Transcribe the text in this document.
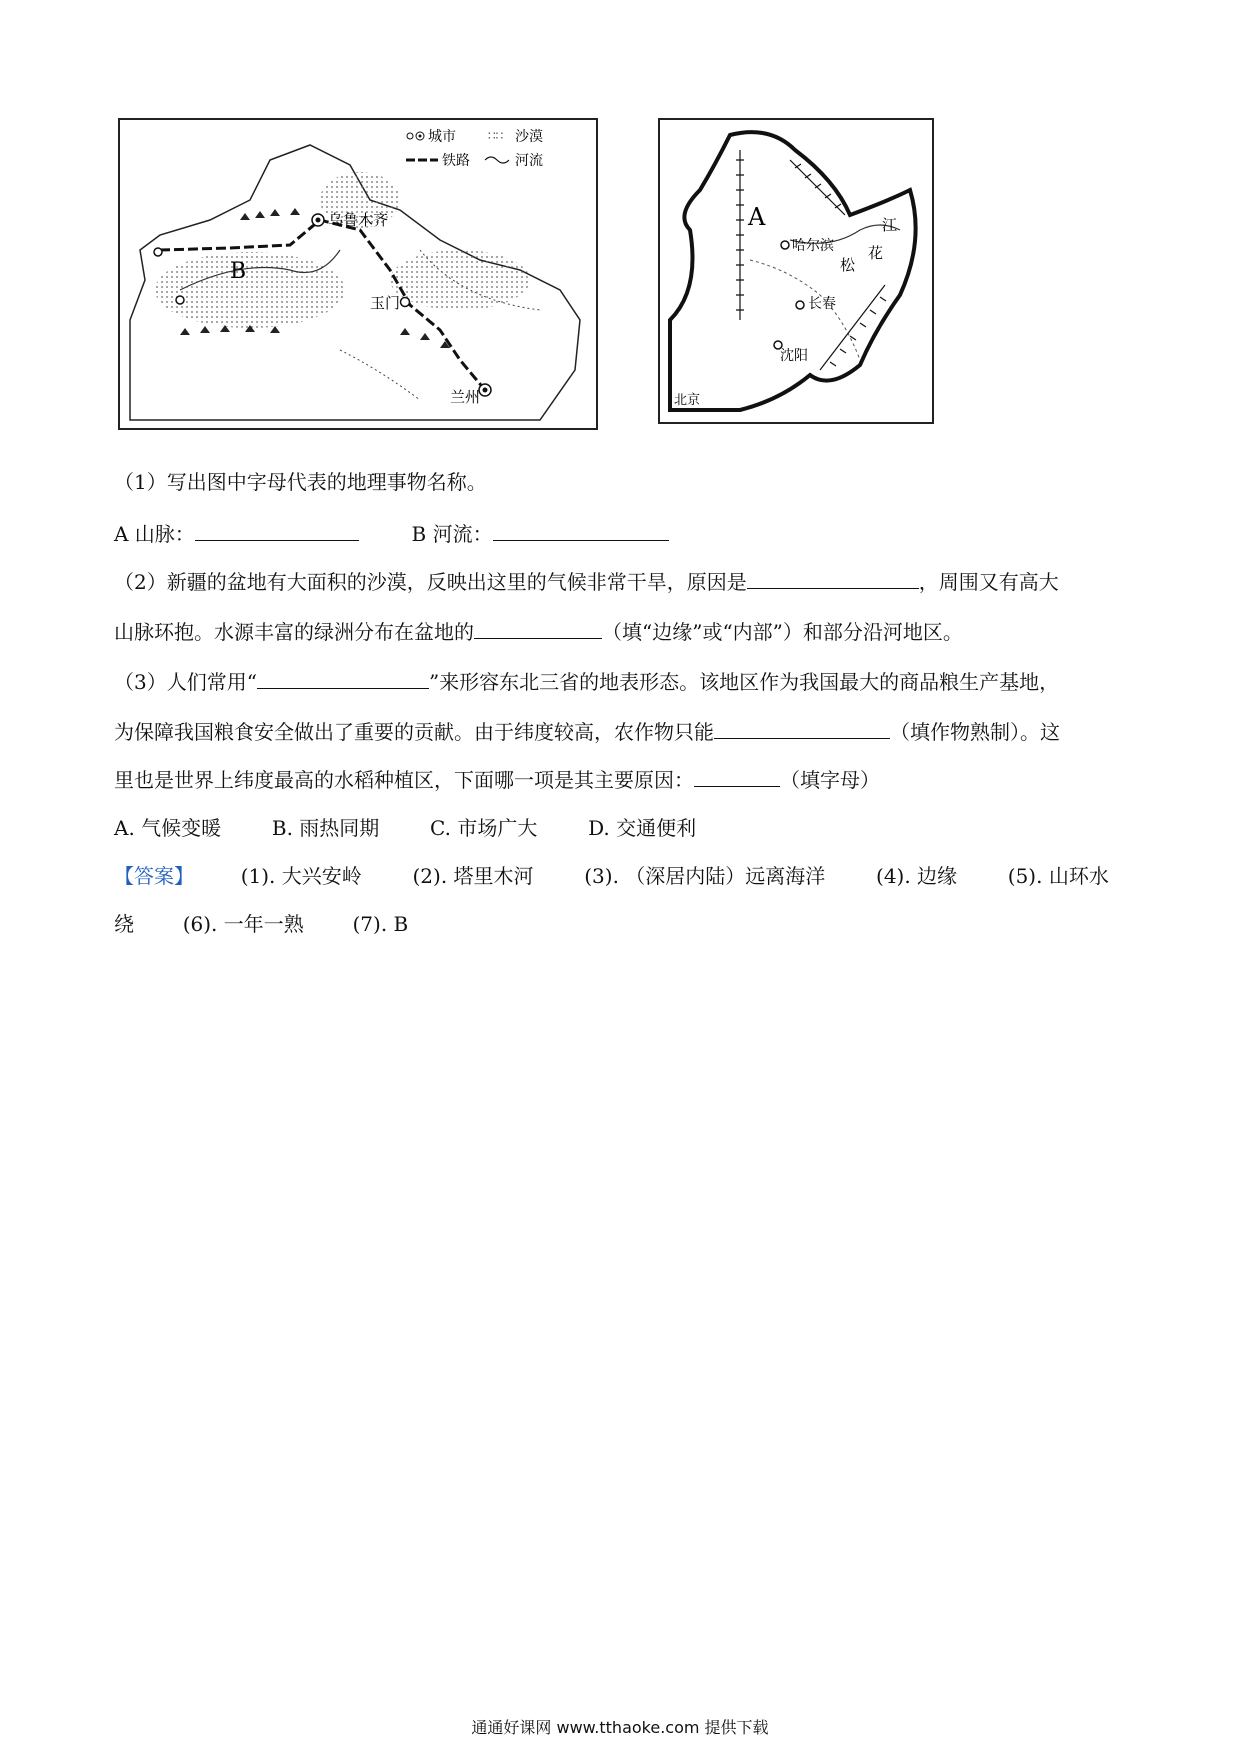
城市	∷∷ 沙漠
铁路	河流
乌鲁木齐
玉门
兰州
B
A
哈尔滨
长春
沈阳
北京
松
花
江
（1）写出图中字母代表的地理事物名称。
A 山脉：	B 河流：
（2）新疆的盆地有大面积的沙漠，反映出这里的气候非常干旱，原因是	，周围又有高大
山脉环抱。水源丰富的绿洲分布在盆地的	（填“边缘”或“内部”）和部分沿河地区。
（3）人们常用“	”来形容东北三省的地表形态。该地区作为我国最大的商品粮生产基地，
为保障我国粮食安全做出了重要的贡献。由于纬度较高，农作物只能	（填作物熟制）。这
里也是世界上纬度最高的水稻种植区，下面哪一项是其主要原因：	（填字母）
A. 气候变暖	B. 雨热同期	C. 市场广大	D. 交通便利
【答案】 (1). 大兴安岭	(2). 塔里木河	(3). （深居内陆）远离海洋	(4). 边缘	(5). 山环水
绕 (6). 一年一熟 (7). B
通通好课网 www.tthaoke.com 提供下载
